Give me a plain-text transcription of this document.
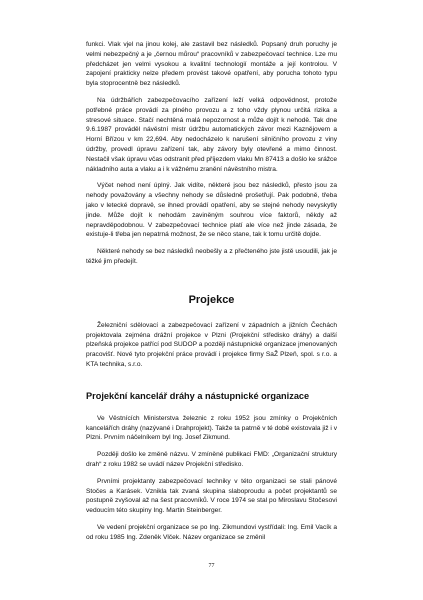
funkci. Vlak vjel na jinou kolej, ale zastavil bez následků. Popsaný druh poruchy je velmi nebezpečný a je „černou můrou“ pracovníků v zabezpečovací technice. Lze mu předcházet jen velmi vysokou a kvalitní technologií montáže a její kontrolou. V zapojení prakticky nelze předem provést takové opatření, aby porucha tohoto typu byla stoprocentně bez následků.

Na údržbářích zabezpečovacího zařízení leží velká odpovědnost, protože potřebné práce provádí za plného provozu a z toho vždy plynou určitá rizika a stresové situace. Stačí nechtěná malá nepozornost a může dojít k nehodě. Tak dne 9.6.1987 prováděl návěstní mistr údržbu automatických závor mezi Kaznějovem a Horní Břízou v km 22,694. Aby nedocházelo k narušení silničního provozu z viny údržby, provedl úpravu zařízení tak, aby závory byly otevřené a mimo činnost. Nestačil však úpravu včas odstranit před příjezdem vlaku Mn 87413 a došlo ke srážce nákladního auta a vlaku a i k vážnému zranění návěstního mistra.

Výčet nehod není úplný. Jak vidíte, některé jsou bez následků, přesto jsou za nehody považovány a všechny nehody se důsledně prošetřují. Pak podobně, třeba jako v letecké dopravě, se ihned provádí opatření, aby se stejné nehody nevyskytly jinde. Může dojít k nehodám zaviněným souhrou více faktorů, někdy až nepravděpodobnou. V zabezpečovací technice platí ale více než jinde zásada, že existuje-li třeba jen nepatrná možnost, že se něco stane, tak k tomu určitě dojde.

Některé nehody se bez následků neobešly a z přečteného jste jistě usoudili, jak je těžké jim předejít.

Projekce

Železniční sdělovací a zabezpečovací zařízení v západních a jižních Čechách projektovala zejména drážní projekce v Plzni (Projekční středisko dráhy) a další plzeňská projekce patřící pod SUDOP a později nástupnické organizace jmenovaných pracovišť. Nové tyto projekční práce provádí i projekce firmy SaŽ Plzeň, spol. s r.o. a KTA technika, s.r.o.

Projekční kancelář dráhy a nástupnické organizace

Ve Věstnících Ministerstva železnic z roku 1952 jsou zmínky o Projekčních kancelářích dráhy (nazývané i Drahprojekt). Takže ta patrně v té době existovala již i v Plzni. Prvním náčelníkem byl Ing. Josef Zikmund.

Později došlo ke změně názvu. V zmíněné publikaci FMD: „Organizační struktury drah“ z roku 1982 se uvádí název Projekční středisko.

Prvními projektanty zabezpečovací techniky v této organizaci se stali pánové Stočes a Karásek. Vznikla tak zvaná skupina slaboproudu a počet projektantů se postupně zvyšoval až na šest pracovníků. V roce 1974 se stal po Miroslavu Stočesovi vedoucím této skupiny Ing. Martin Steinberger.

Ve vedení projekční organizace se po Ing. Zikmundovi vystřídali: Ing. Emil Vacík a od roku 1985 Ing. Zdeněk Vlček. Název organizace se změnil

77
